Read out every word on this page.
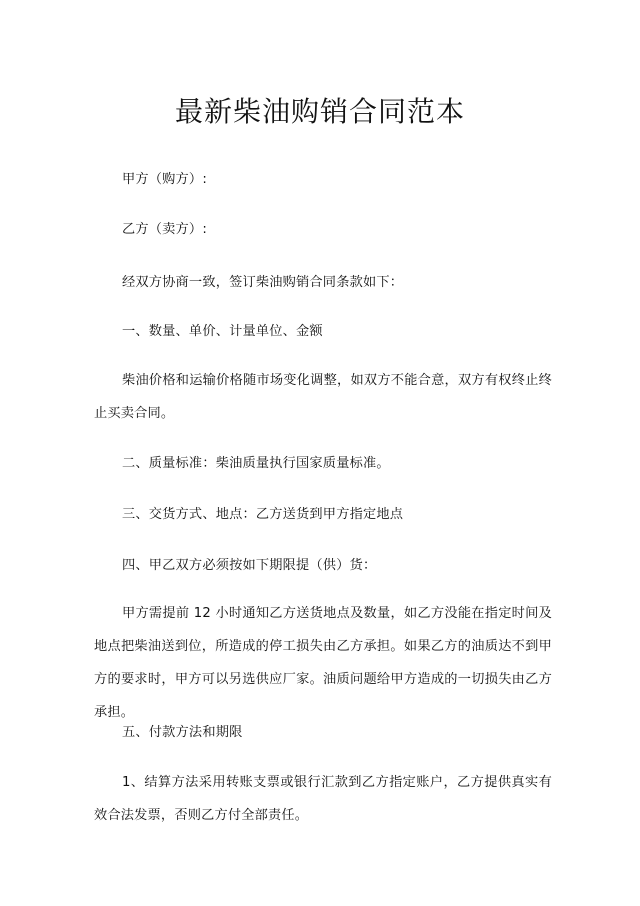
最新柴油购销合同范本

甲方（购方）:

乙方（卖方）:

经双方协商一致，签订柴油购销合同条款如下：

一、数量、单价、计量单位、金额

柴油价格和运输价格随市场变化调整，如双方不能合意，双方有权终止终止买卖合同。

二、质量标准：柴油质量执行国家质量标准。

三、交货方式、地点：乙方送货到甲方指定地点

四、甲乙双方必须按如下期限提（供）货：

甲方需提前 12 小时通知乙方送货地点及数量，如乙方没能在指定时间及地点把柴油送到位，所造成的停工损失由乙方承担。如果乙方的油质达不到甲方的要求时，甲方可以另选供应厂家。油质问题给甲方造成的一切损失由乙方承担。

五、付款方法和期限

1、结算方法采用转账支票或银行汇款到乙方指定账户，乙方提供真实有效合法发票，否则乙方付全部责任。
